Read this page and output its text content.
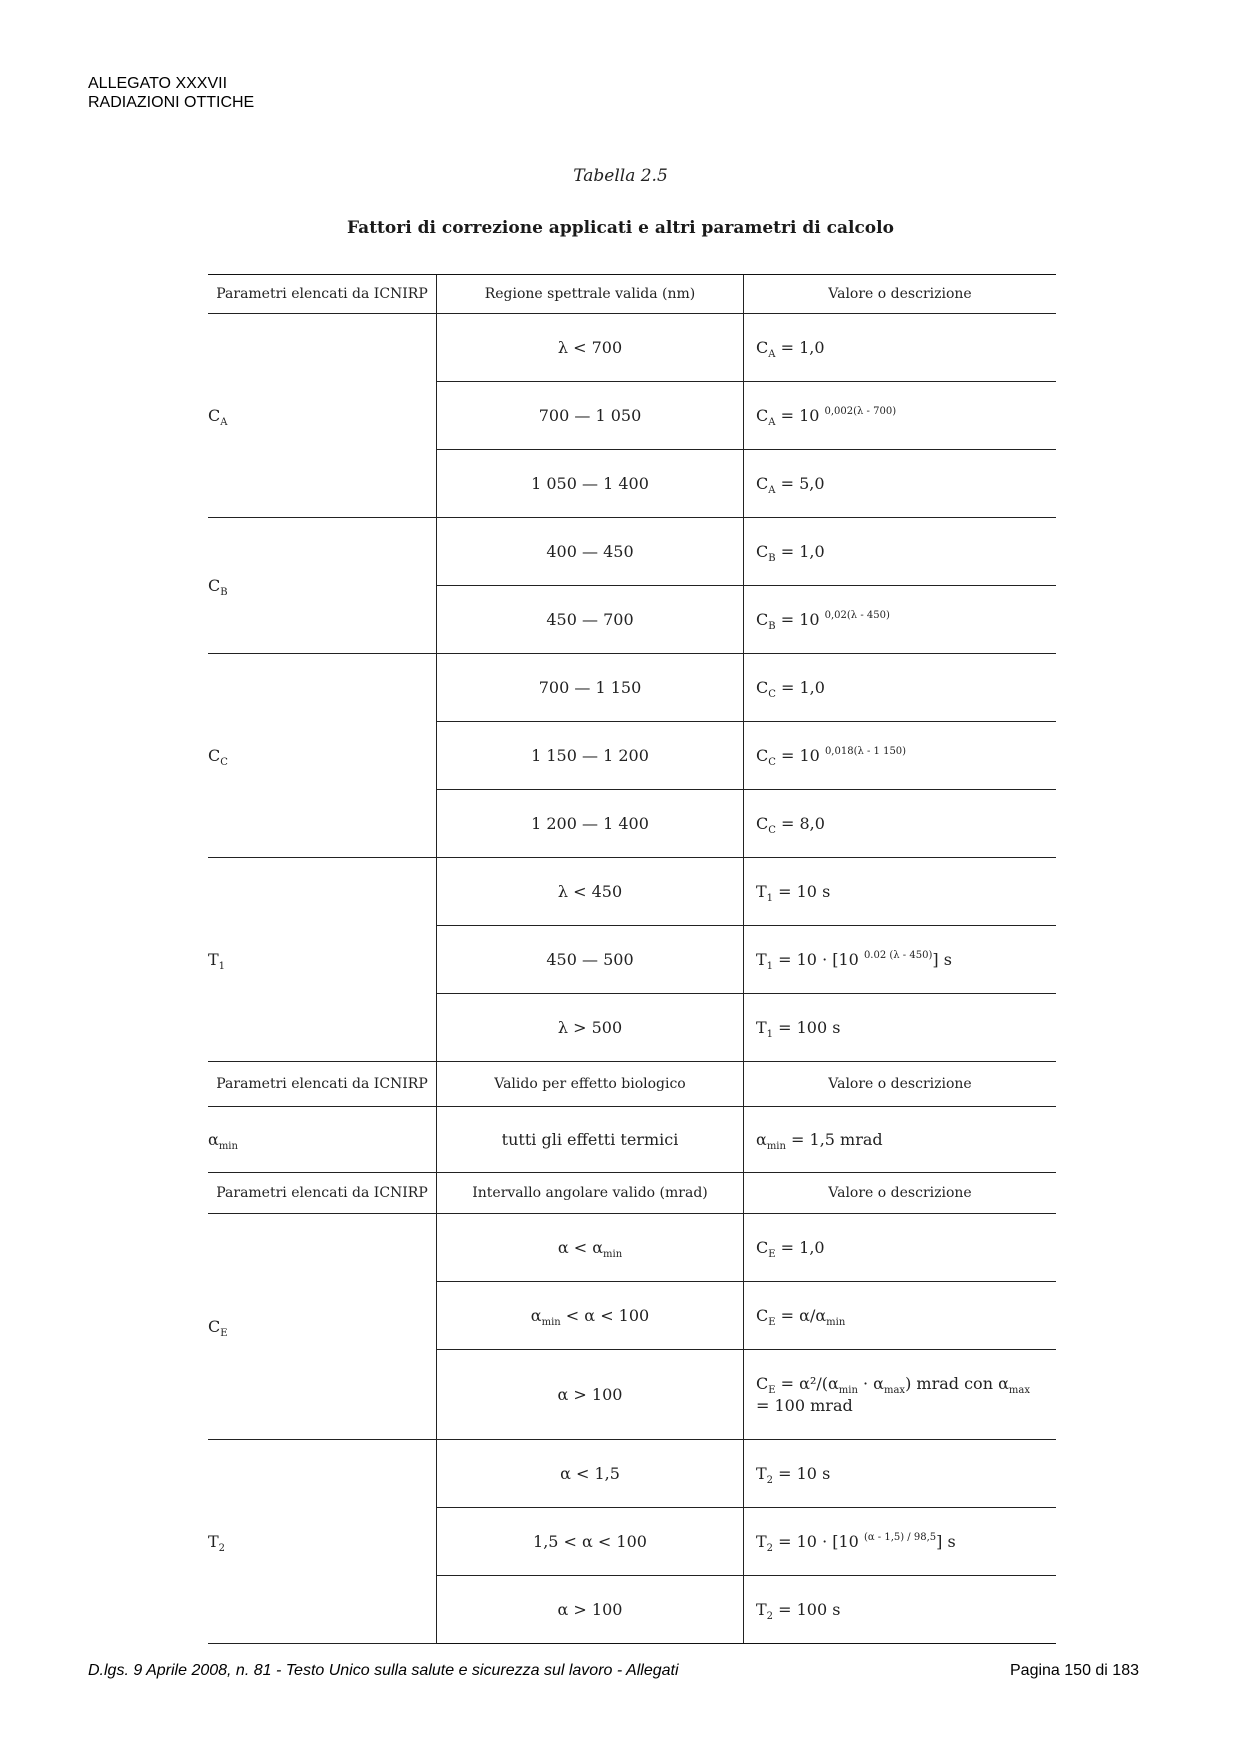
ALLEGATO XXXVII
RADIAZIONI OTTICHE
Tabella 2.5
Fattori di correzione applicati e altri parametri di calcolo
Parametri elencati da ICNIRP	Regione spettrale valida (nm)	Valore o descrizione
$C_A$	λ < 700	$C_A = 1,0$
	700 — 1 050	$C_A = 10$ $^{0,002(\lambda - 700)}$
	1 050 — 1 400	$C_A = 5,0$
$C_B$	400 — 450	$C_B = 1,0$
	450 — 700	$C_B = 10$ $^{0,02(\lambda - 450)}$
$C_C$	700 — 1 150	$C_C = 1,0$
	1 150 — 1 200	$C_C = 10$ $^{0,018(\lambda - 1 150)}$
	1 200 — 1 400	$C_C = 8,0$
$T_1$	λ < 450	$T_1 = 10$ s
	450 — 500	$T_1 = 10 \cdot [10$ $^{0.02 (\lambda - 450)}$] s
	λ > 500	$T_1 = 100$ s
Parametri elencati da ICNIRP	Valido per effetto biologico	Valore o descrizione
$\alpha_{min}$	tutti gli effetti termici	$\alpha_{min} = 1,5$ mrad
Parametri elencati da ICNIRP	Intervallo angolare valido (mrad)	Valore o descrizione
$C_E$	$\alpha < \alpha_{min}$	$C_E = 1,0$
	$\alpha_{min} < \alpha < 100$	$C_E = \alpha/\alpha_{min}$
	α > 100	$C_E = \alpha^2/(\alpha_{min} \cdot \alpha_{max})$ mrad con $\alpha_{max} = 100$ mrad
$T_2$	α < 1,5	$T_2 = 10$ s
	1,5 < α < 100	$T_2 = 10 \cdot [10$ $^{(\alpha - 1,5) / 98,5}$] s
	α > 100	$T_2 = 100$ s
D.lgs. 9 Aprile 2008, n. 81 - Testo Unico sulla salute e sicurezza sul lavoro - Allegati	Pagina 150 di 183
